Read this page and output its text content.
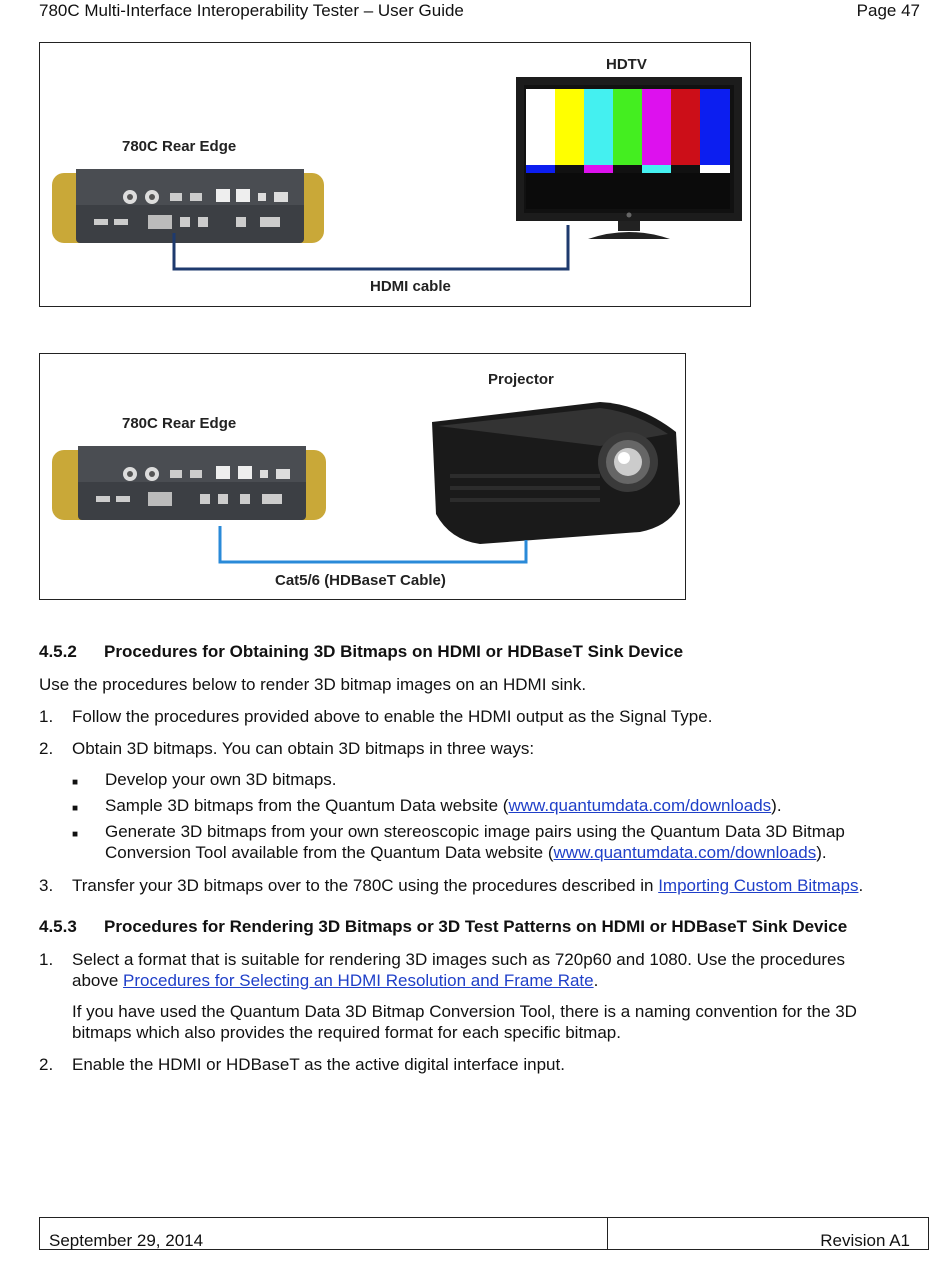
780C Multi-Interface Interoperability Tester – User Guide	Page 47
780C Rear Edge
HDTV
HDMI cable
780C Rear Edge
Projector
Cat5/6 (HDBaseT Cable)
4.5.2 Procedures for Obtaining 3D Bitmaps on HDMI or HDBaseT Sink Device
Use the procedures below to render 3D bitmap images on an HDMI sink.
1. Follow the procedures provided above to enable the HDMI output as the Signal Type.
2. Obtain 3D bitmaps. You can obtain 3D bitmaps in three ways:
■ Develop your own 3D bitmaps.
■ Sample 3D bitmaps from the Quantum Data website (www.quantumdata.com/downloads).
■ Generate 3D bitmaps from your own stereoscopic image pairs using the Quantum Data 3D Bitmap
Conversion Tool available from the Quantum Data website (www.quantumdata.com/downloads).
3. Transfer your 3D bitmaps over to the 780C using the procedures described in Importing Custom Bitmaps.
4.5.3 Procedures for Rendering 3D Bitmaps or 3D Test Patterns on HDMI or HDBaseT Sink Device
1. Select a format that is suitable for rendering 3D images such as 720p60 and 1080. Use the procedures
above Procedures for Selecting an HDMI Resolution and Frame Rate.
If you have used the Quantum Data 3D Bitmap Conversion Tool, there is a naming convention for the 3D
bitmaps which also provides the required format for each specific bitmap.
2. Enable the HDMI or HDBaseT as the active digital interface input.
September 29, 2014	Revision A1
